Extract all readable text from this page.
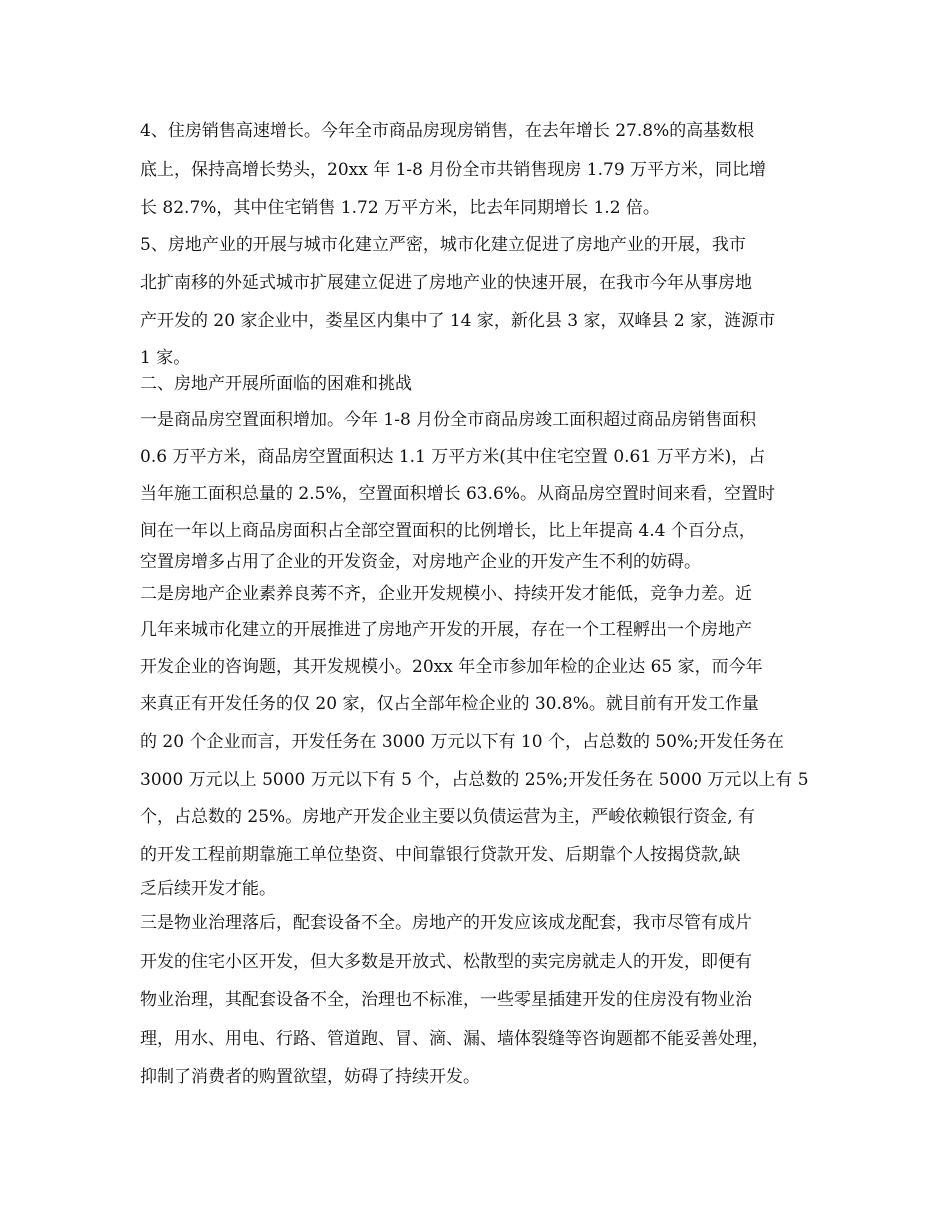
4、住房销售高速增长。今年全市商品房现房销售，在去年增长 27.8%的高基数根
底上，保持高增长势头，20xx 年 1-8 月份全市共销售现房 1.79 万平方米，同比增
长 82.7%，其中住宅销售 1.72 万平方米，比去年同期增长 1.2 倍。
5、房地产业的开展与城市化建立严密，城市化建立促进了房地产业的开展，我市
北扩南移的外延式城市扩展建立促进了房地产业的快速开展，在我市今年从事房地
产开发的 20 家企业中，娄星区内集中了 14 家，新化县 3 家，双峰县 2 家，涟源市
1 家。
二、房地产开展所面临的困难和挑战
一是商品房空置面积增加。今年 1-8 月份全市商品房竣工面积超过商品房销售面积
0.6 万平方米，商品房空置面积达 1.1 万平方米(其中住宅空置 0.61 万平方米)，占
当年施工面积总量的 2.5%，空置面积增长 63.6%。从商品房空置时间来看，空置时
间在一年以上商品房面积占全部空置面积的比例增长，比上年提高 4.4 个百分点，
空置房增多占用了企业的开发资金，对房地产企业的开发产生不利的妨碍。
二是房地产企业素养良莠不齐，企业开发规模小、持续开发才能低，竞争力差。近
几年来城市化建立的开展推进了房地产开发的开展，存在一个工程孵出一个房地产
开发企业的咨询题，其开发规模小。20xx 年全市参加年检的企业达 65 家，而今年
来真正有开发任务的仅 20 家，仅占全部年检企业的 30.8%。就目前有开发工作量
的 20 个企业而言，开发任务在 3000 万元以下有 10 个，占总数的 50%;开发任务在
3000 万元以上 5000 万元以下有 5 个，占总数的 25%;开发任务在 5000 万元以上有 5
个，占总数的 25%。房地产开发企业主要以负债运营为主，严峻依赖银行资金, 有
的开发工程前期靠施工单位垫资、中间靠银行贷款开发、后期靠个人按揭贷款,缺
乏后续开发才能。
三是物业治理落后，配套设备不全。房地产的开发应该成龙配套，我市尽管有成片
开发的住宅小区开发，但大多数是开放式、松散型的卖完房就走人的开发，即便有
物业治理，其配套设备不全，治理也不标准，一些零星插建开发的住房没有物业治
理，用水、用电、行路、管道跑、冒、滴、漏、墙体裂缝等咨询题都不能妥善处理，
抑制了消费者的购置欲望，妨碍了持续开发。
